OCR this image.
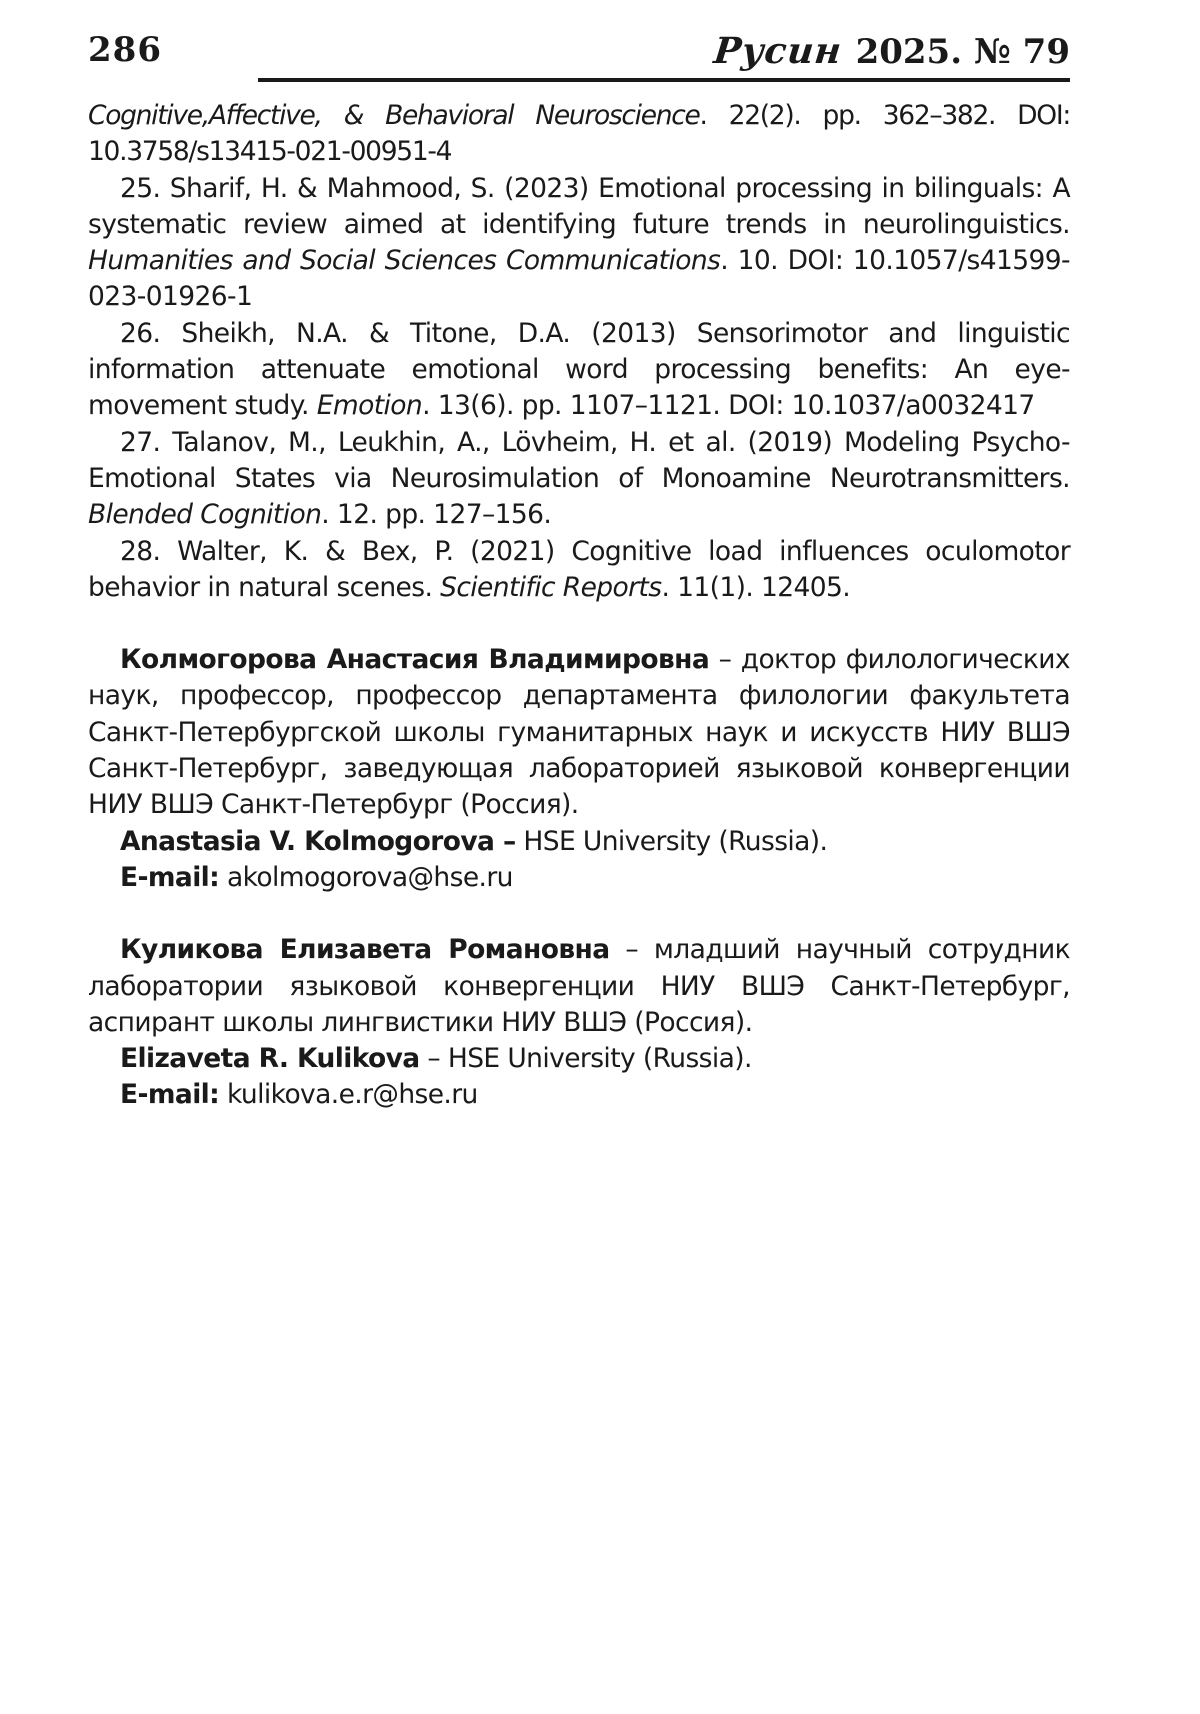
286	Русин 2025. № 79

Cognitive,Affective, & Behavioral Neuroscience. 22(2). pp. 362–382. DOI: 10.3758/s13415-021-00951-4

25. Sharif, H. & Mahmood, S. (2023) Emotional processing in bilinguals: A systematic review aimed at identifying future trends in neurolinguistics. Humanities and Social Sciences Communications. 10. DOI: 10.1057/s41599-023-01926-1

26. Sheikh, N.A. & Titone, D.A. (2013) Sensorimotor and linguistic information attenuate emotional word processing benefits: An eye-movement study. Emotion. 13(6). pp. 1107–1121. DOI: 10.1037/a0032417

27. Talanov, M., Leukhin, A., Lövheim, H. et al. (2019) Modeling Psycho-Emotional States via Neurosimulation of Monoamine Neurotransmitters. Blended Cognition. 12. pp. 127–156.

28. Walter, K. & Bex, P. (2021) Cognitive load influences oculomotor behavior in natural scenes. Scientific Reports. 11(1). 12405.

Колмогорова Анастасия Владимировна – доктор филологических наук, профессор, профессор департамента филологии факультета Санкт-Петербургской школы гуманитарных наук и искусств НИУ ВШЭ Санкт-Петербург, заведующая лабораторией языковой конвергенции НИУ ВШЭ Санкт-Петербург (Россия).

Anastasia V. Kolmogorova – HSE University (Russia).

E-mail: akolmogorova@hse.ru

Куликова Елизавета Романовна – младший научный сотрудник лаборатории языковой конвергенции НИУ ВШЭ Санкт-Петербург, аспирант школы лингвистики НИУ ВШЭ (Россия).

Elizaveta R. Kulikova – HSE University (Russia).

E-mail: kulikova.e.r@hse.ru
